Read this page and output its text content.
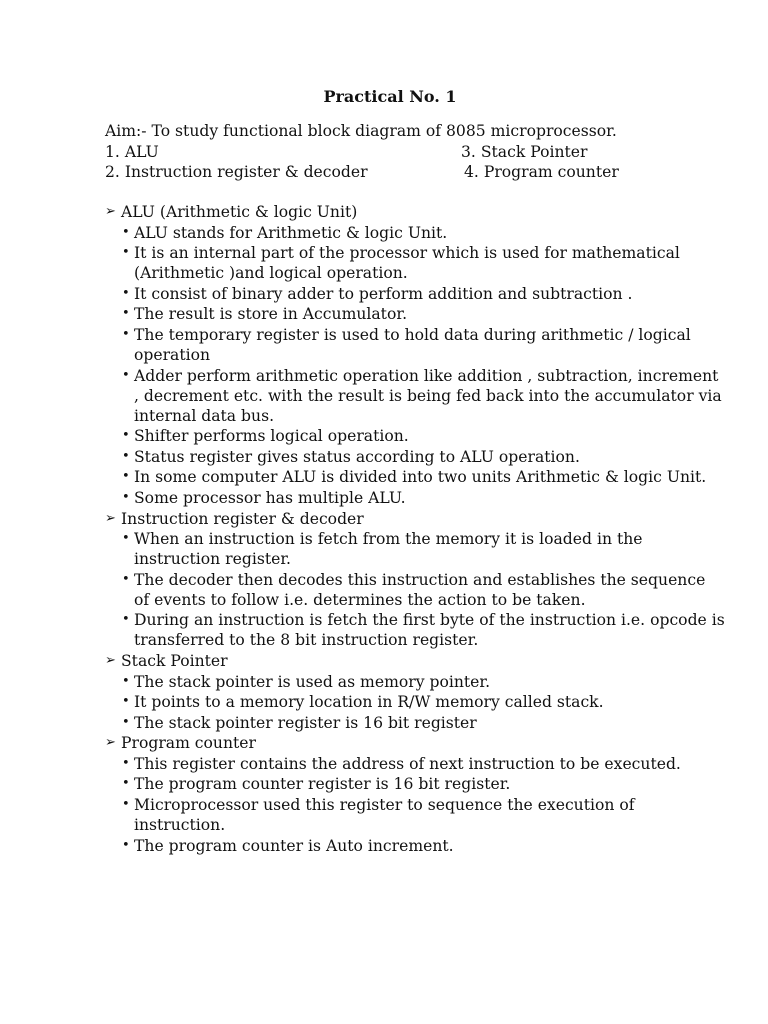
Practical No. 1
Aim:- To study functional block diagram of 8085 microprocessor.
1. ALU	3. Stack Pointer
2. Instruction register & decoder	4. Program counter
➢ ALU (Arithmetic & logic Unit)
• ALU stands for Arithmetic & logic Unit.
• It is an internal part of the processor which is used for mathematical (Arithmetic )and logical operation.
• It consist of binary adder to perform addition and subtraction .
• The result is store in Accumulator.
• The temporary register is used to hold data during arithmetic / logical operation
• Adder perform arithmetic operation like addition , subtraction, increment , decrement etc. with the result is being fed back into the accumulator via internal data bus.
• Shifter performs logical operation.
• Status register gives status according to ALU operation.
• In some computer ALU is divided into two units Arithmetic & logic Unit.
• Some processor has multiple ALU.
➢ Instruction register & decoder
• When an instruction is fetch from the memory it is loaded in the instruction register.
• The decoder then decodes this instruction and establishes the sequence of events to follow i.e. determines the action to be taken.
• During an instruction is fetch the first byte of the instruction i.e. opcode is transferred to the 8 bit instruction register.
➢ Stack Pointer
• The stack pointer is used as memory pointer.
• It points to a memory location in R/W memory called stack.
• The stack pointer register is 16 bit register
➢ Program counter
• This register contains the address of next instruction to be executed.
• The program counter register is 16 bit register.
• Microprocessor used this register to sequence the execution of instruction.
• The program counter is Auto increment.
